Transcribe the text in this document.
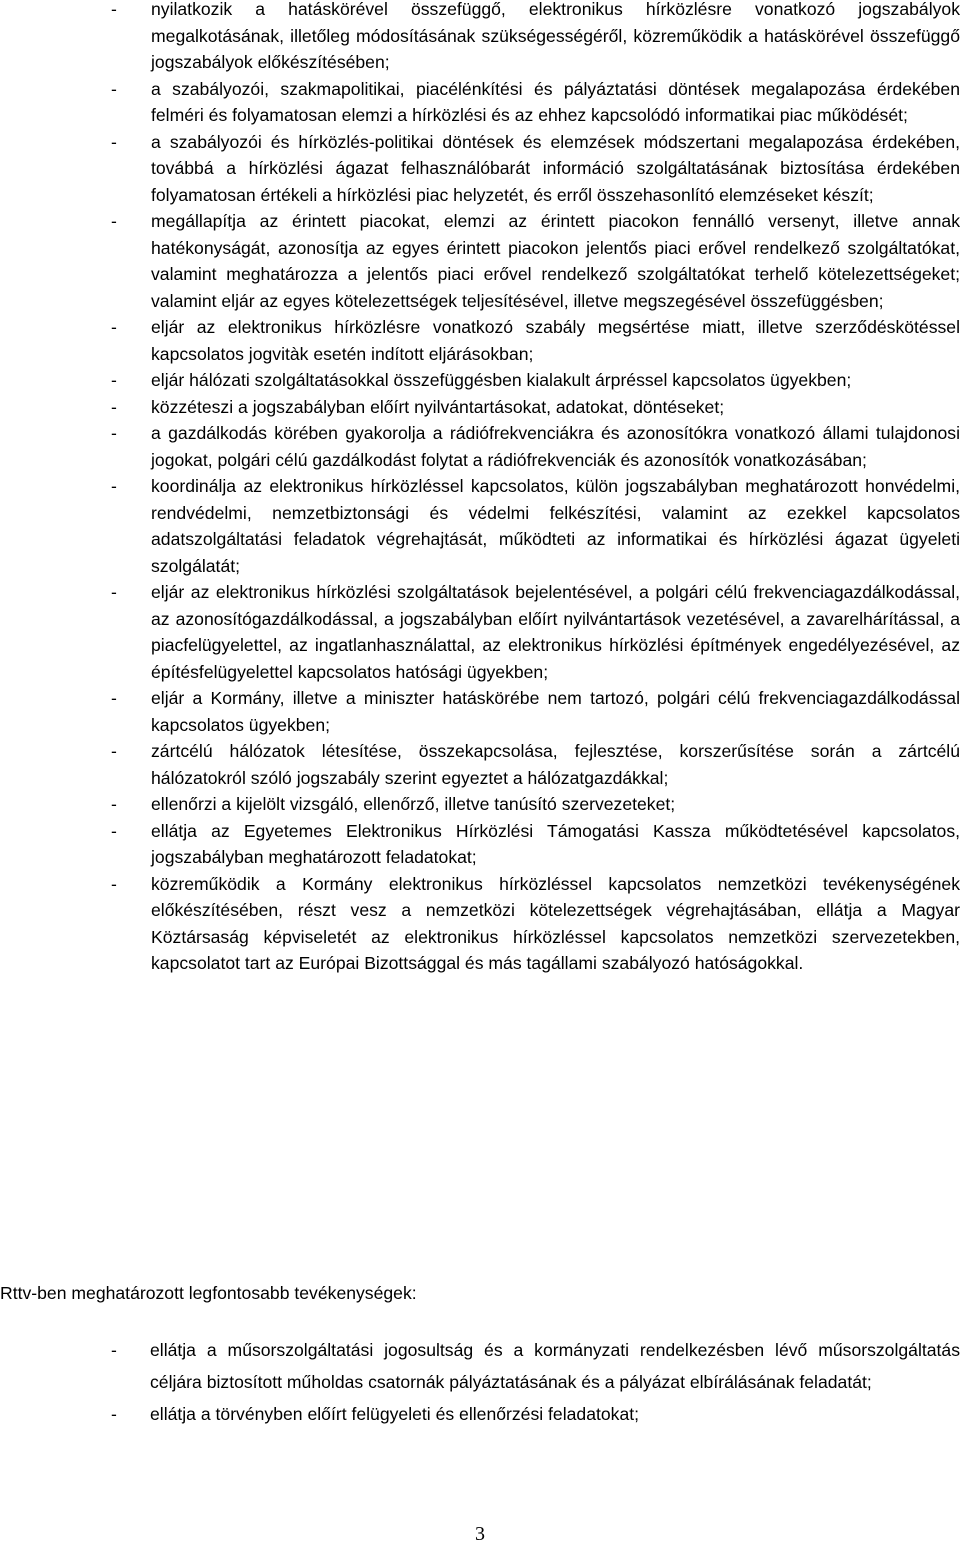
- nyilatkozik a hatáskörével összefüggő, elektronikus hírközlésre vonatkozó jogszabályok megalkotásának, illetőleg módosításának szükségességéről, közreműködik a hatáskörével összefüggő jogszabályok előkészítésében;
- a szabályozói, szakmapolitikai, piacélénkítési és pályáztatási döntések megalapozása érdekében felméri és folyamatosan elemzi a hírközlési és az ehhez kapcsolódó informatikai piac működését;
- a szabályozói és hírközlés-politikai döntések és elemzések módszertani megalapozása érdekében, továbbá a hírközlési ágazat felhasználóbarát információ szolgáltatásának biztosítása érdekében folyamatosan értékeli a hírközlési piac helyzetét, és erről összehasonlító elemzéseket készít;
- megállapítja az érintett piacokat, elemzi az érintett piacokon fennálló versenyt, illetve annak hatékonyságát, azonosítja az egyes érintett piacokon jelentős piaci erővel rendelkező szolgáltatókat, valamint meghatározza a jelentős piaci erővel rendelkező szolgáltatókat terhelő kötelezettségeket; valamint eljár az egyes kötelezettségek teljesítésével, illetve megszegésével összefüggésben;
- eljár az elektronikus hírközlésre vonatkozó szabály megsértése miatt, illetve szerződéskötéssel kapcsolatos jogvitàk esetén indított eljárásokban;
- eljár hálózati szolgáltatásokkal összefüggésben kialakult árpréssel kapcsolatos ügyekben;
- közzéteszi a jogszabályban előírt nyilvántartásokat, adatokat, döntéseket;
- a gazdálkodás körében gyakorolja a rádiófrekvenciákra és azonosítókra vonatkozó állami tulajdonosi jogokat, polgári célú gazdálkodást folytat a rádiófrekvenciák és azonosítók vonatkozásában;
- koordinálja az elektronikus hírközléssel kapcsolatos, külön jogszabályban meghatározott honvédelmi, rendvédelmi, nemzetbiztonsági és védelmi felkészítési, valamint az ezekkel kapcsolatos adatszolgáltatási feladatok végrehajtását, működteti az informatikai és hírközlési ágazat ügyeleti szolgálatát;
- eljár az elektronikus hírközlési szolgáltatások bejelentésével, a polgári célú frekvenciagazdálkodással, az azonosítógazdálkodással, a jogszabályban előírt nyilvántartások vezetésével, a zavarelhárítással, a piacfelügyelettel, az ingatlanhasználattal, az elektronikus hírközlési építmények engedélyezésével, az építésfelügyelettel kapcsolatos hatósági ügyekben;
- eljár a Kormány, illetve a miniszter hatáskörébe nem tartozó, polgári célú frekvenciagazdálkodással kapcsolatos ügyekben;
- zártcélú hálózatok létesítése, összekapcsolása, fejlesztése, korszerűsítése során a zártcélú hálózatokról szóló jogszabály szerint egyeztet a hálózatgazdákkal;
- ellenőrzi a kijelölt vizsgáló, ellenőrző, illetve tanúsító szervezeteket;
- ellátja az Egyetemes Elektronikus Hírközlési Támogatási Kassza működtetésével kapcsolatos, jogszabályban meghatározott feladatokat;
- közreműködik a Kormány elektronikus hírközléssel kapcsolatos nemzetközi tevékenységének előkészítésében, részt vesz a nemzetközi kötelezettségek végrehajtásában, ellátja a Magyar Köztársaság képviseletét az elektronikus hírközléssel kapcsolatos nemzetközi szervezetekben, kapcsolatot tart az Európai Bizottsággal és más tagállami szabályozó hatóságokkal.
Rttv-ben meghatározott legfontosabb tevékenységek:
- ellátja a műsorszolgáltatási jogosultság és a kormányzati rendelkezésben lévő műsorszolgáltatás céljára biztosított műholdas csatornák pályáztatásának és a pályázat elbírálásának feladatát;
- ellátja a törvényben előírt felügyeleti és ellenőrzési feladatokat;
3
